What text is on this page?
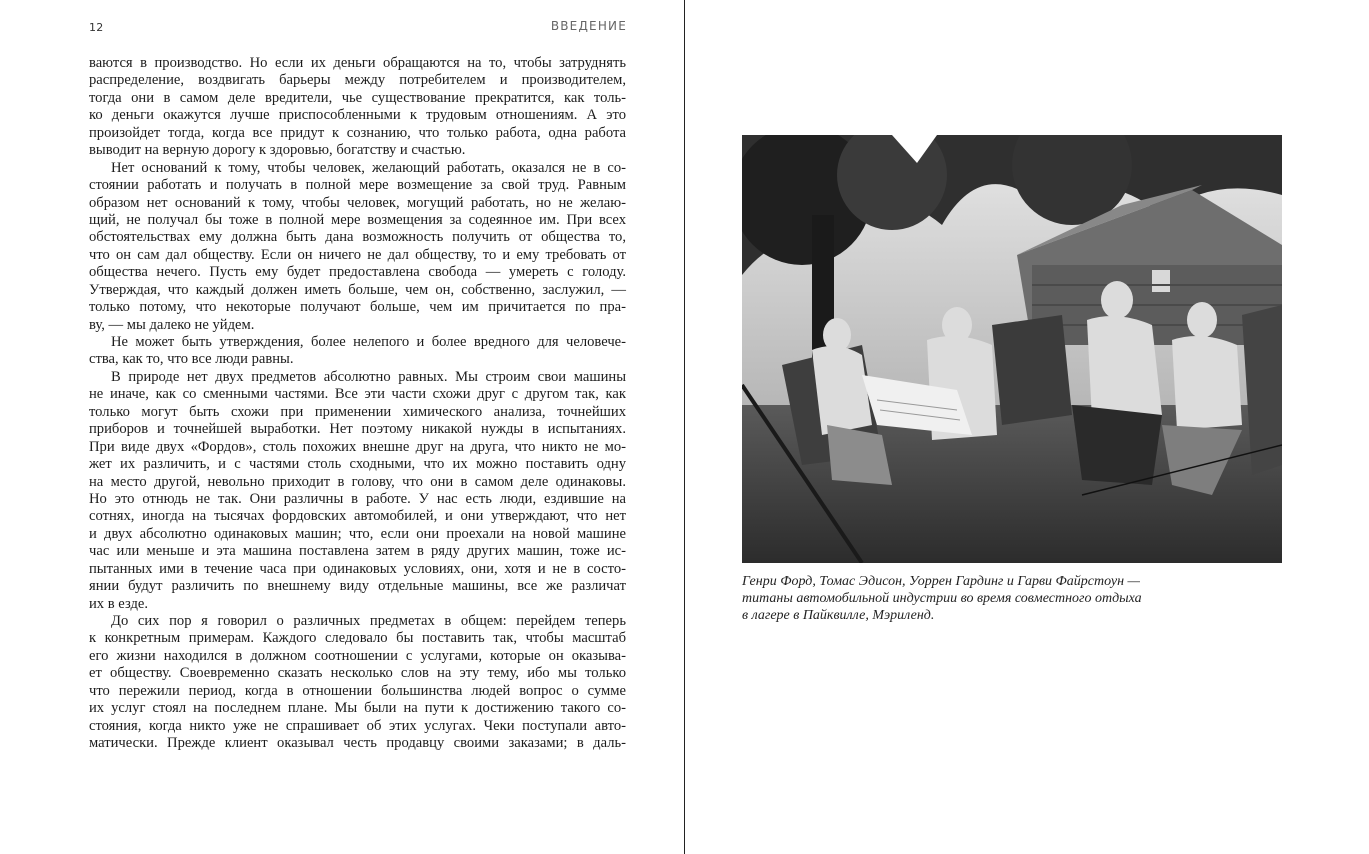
12	ВВЕДЕНИЕ
ваются в производство. Но если их деньги обращаются на то, чтобы затруднять
распределение, воздвигать барьеры между потребителем и производителем,
тогда они в самом деле вредители, чье существование прекратится, как толь-
ко деньги окажутся лучше приспособленными к трудовым отношениям. А это
произойдет тогда, когда все придут к сознанию, что только работа, одна работа
выводит на верную дорогу к здоровью, богатству и счастью.
Нет оснований к тому, чтобы человек, желающий работать, оказался не в со-
стоянии работать и получать в полной мере возмещение за свой труд. Равным
образом нет оснований к тому, чтобы человек, могущий работать, но не желаю-
щий, не получал бы тоже в полной мере возмещения за содеянное им. При всех
обстоятельствах ему должна быть дана возможность получить от общества то,
что он сам дал обществу. Если он ничего не дал обществу, то и ему требовать от
общества нечего. Пусть ему будет предоставлена свобода — умереть с голоду.
Утверждая, что каждый должен иметь больше, чем он, собственно, заслужил, —
только потому, что некоторые получают больше, чем им причитается по пра-
ву, — мы далеко не уйдем.
Не может быть утверждения, более нелепого и более вредного для человече-
ства, как то, что все люди равны.
В природе нет двух предметов абсолютно равных. Мы строим свои машины
не иначе, как со сменными частями. Все эти части схожи друг с другом так, как
только могут быть схожи при применении химического анализа, точнейших
приборов и точнейшей выработки. Нет поэтому никакой нужды в испытаниях.
При виде двух «Фордов», столь похожих внешне друг на друга, что никто не мо-
жет их различить, и с частями столь сходными, что их можно поставить одну
на место другой, невольно приходит в голову, что они в самом деле одинаковы.
Но это отнюдь не так. Они различны в работе. У нас есть люди, ездившие на
сотнях, иногда на тысячах фордовских автомобилей, и они утверждают, что нет
и двух абсолютно одинаковых машин; что, если они проехали на новой машине
час или меньше и эта машина поставлена затем в ряду других машин, тоже ис-
пытанных ими в течение часа при одинаковых условиях, они, хотя и не в состо-
янии будут различить по внешнему виду отдельные машины, все же различат
их в езде.
До сих пор я говорил о различных предметах в общем: перейдем теперь
к конкретным примерам. Каждого следовало бы поставить так, чтобы масштаб
его жизни находился в должном соотношении с услугами, которые он оказыва-
ет обществу. Своевременно сказать несколько слов на эту тему, ибо мы только
что пережили период, когда в отношении большинства людей вопрос о сумме
их услуг стоял на последнем плане. Мы были на пути к достижению такого со-
стояния, когда никто уже не спрашивает об этих услугах. Чеки поступали авто-
матически. Прежде клиент оказывал честь продавцу своими заказами; в даль-
Генри Форд, Томас Эдисон, Уоррен Гардинг и Гарви Файрстоун —
титаны автомобильной индустрии во время совместного отдыха
в лагере в Пайквилле, Мэриленд.
